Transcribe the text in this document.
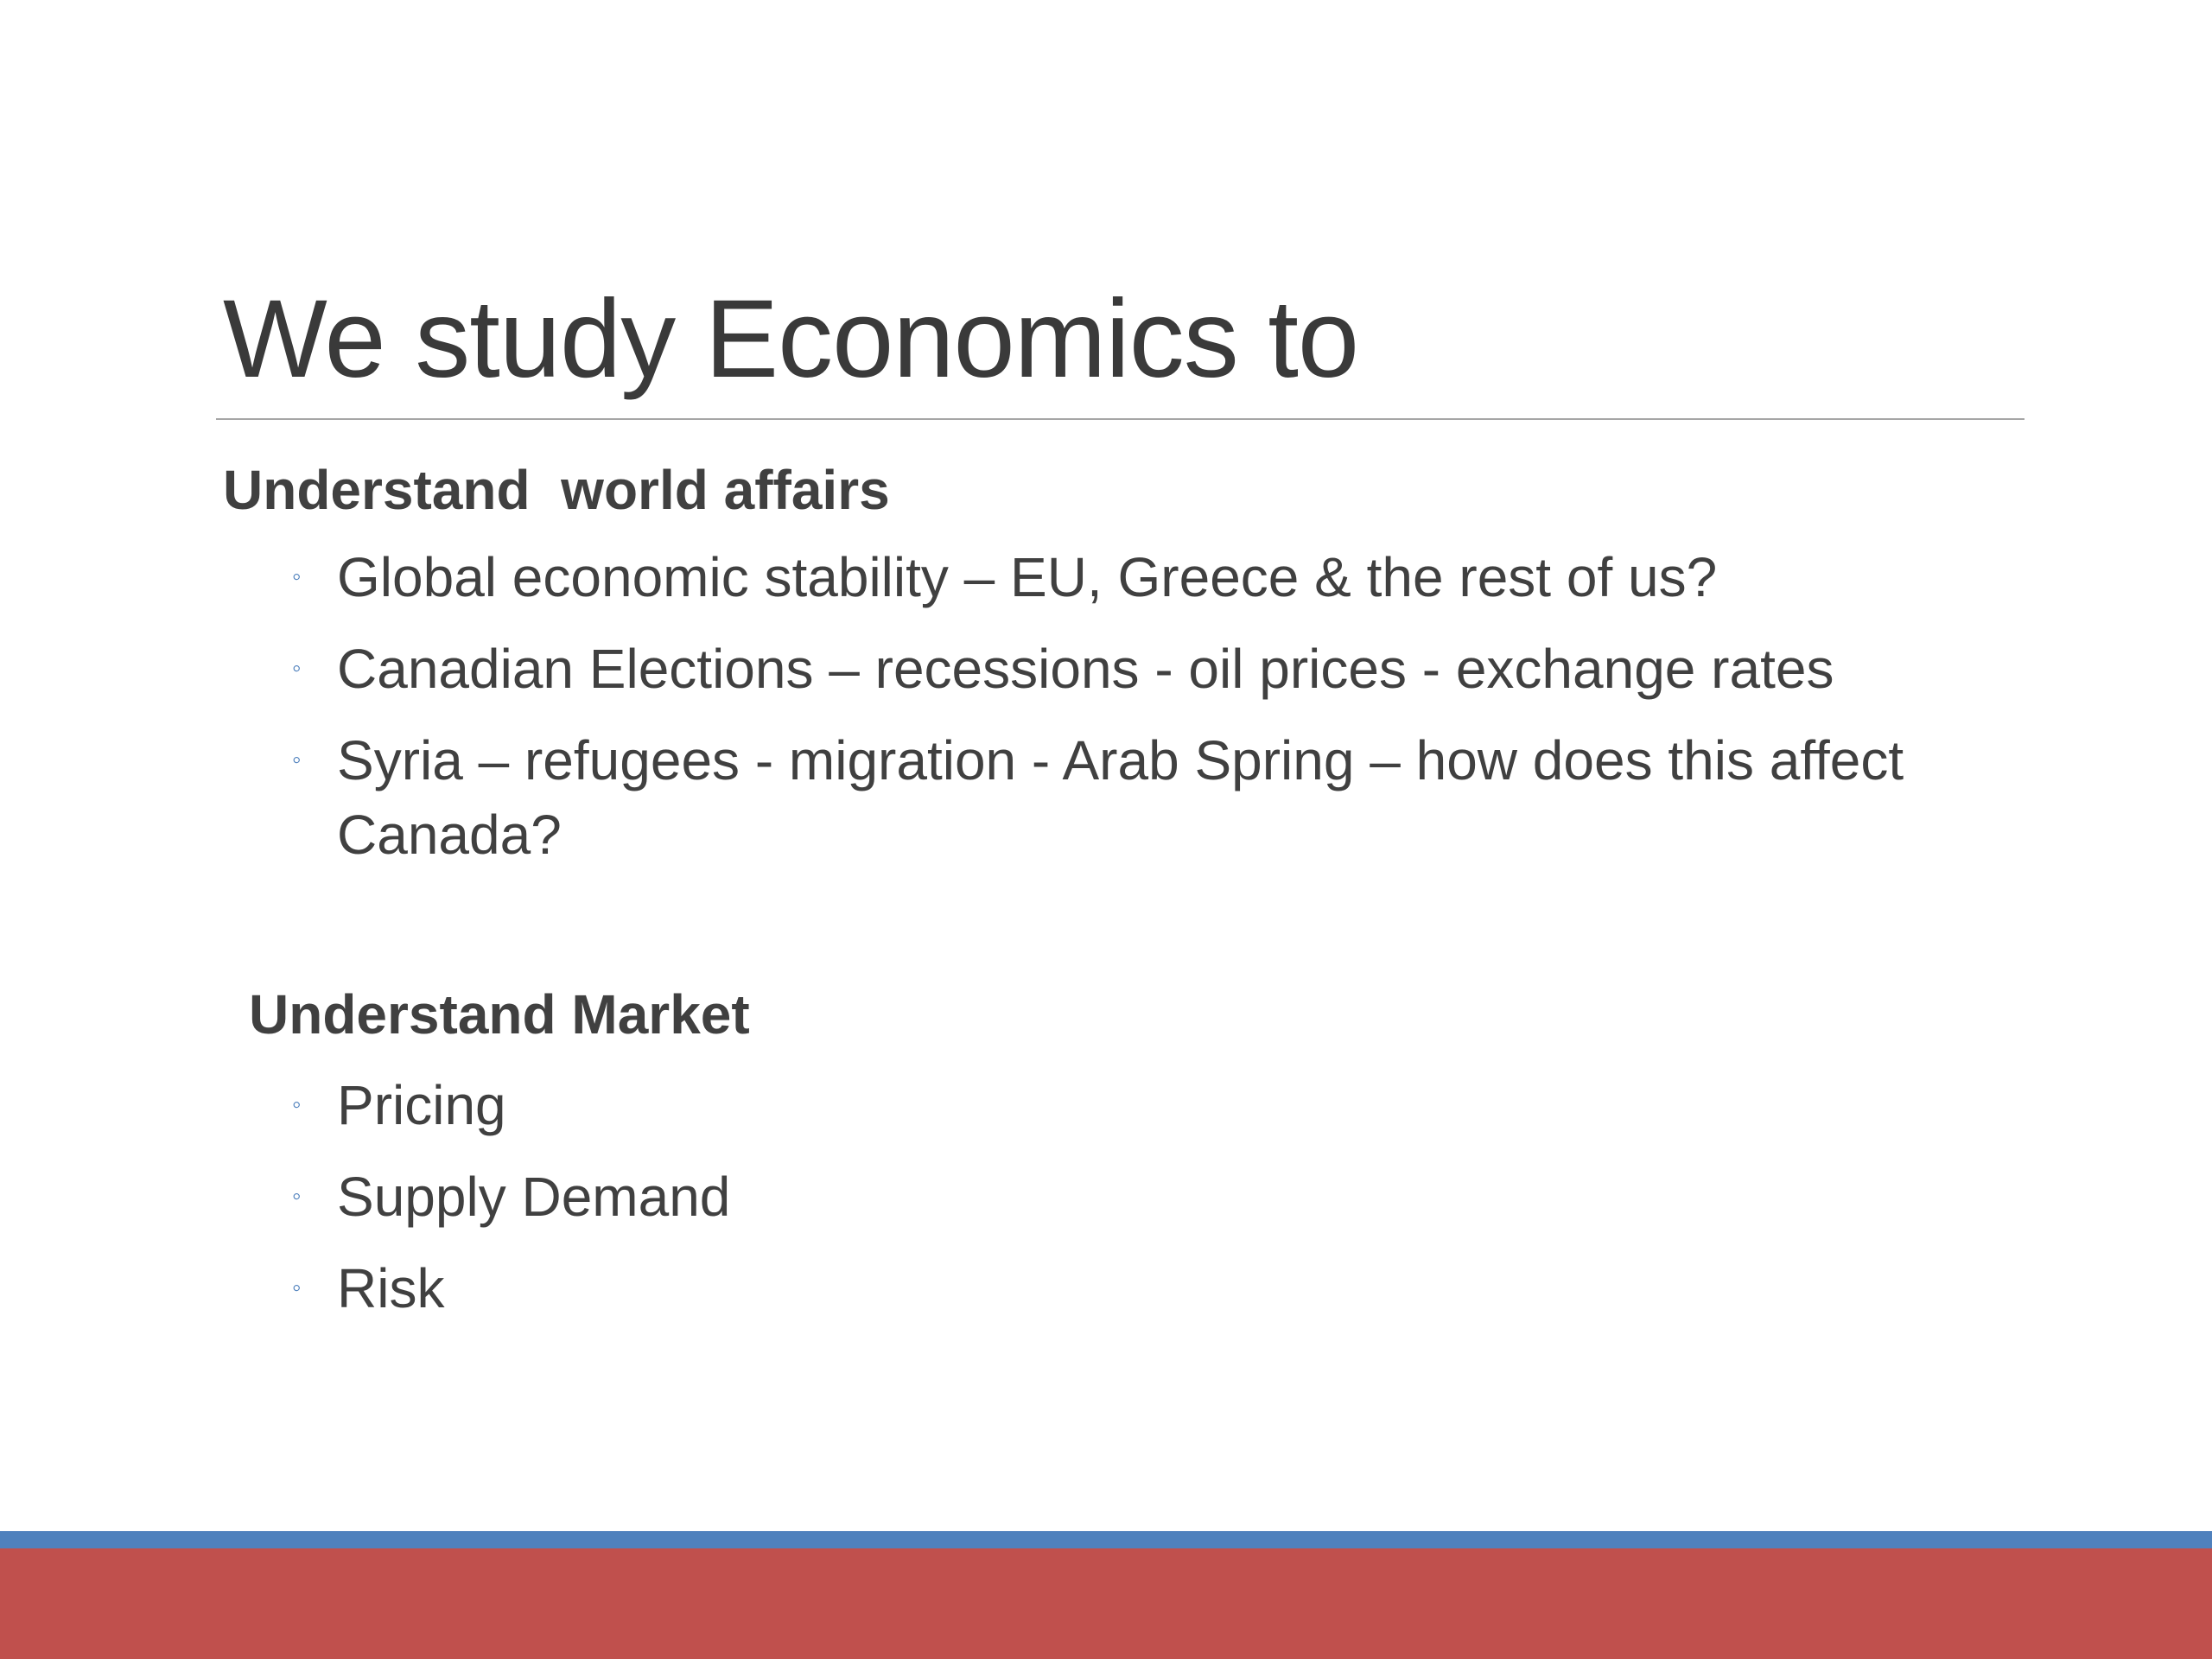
We study Economics to
Understand  world affairs
◦ Global economic stability – EU, Greece & the rest of us?
◦ Canadian Elections – recessions - oil prices - exchange rates
◦ Syria – refugees - migration - Arab Spring – how does this affect Canada?
Understand Market
◦ Pricing
◦ Supply Demand
◦ Risk
